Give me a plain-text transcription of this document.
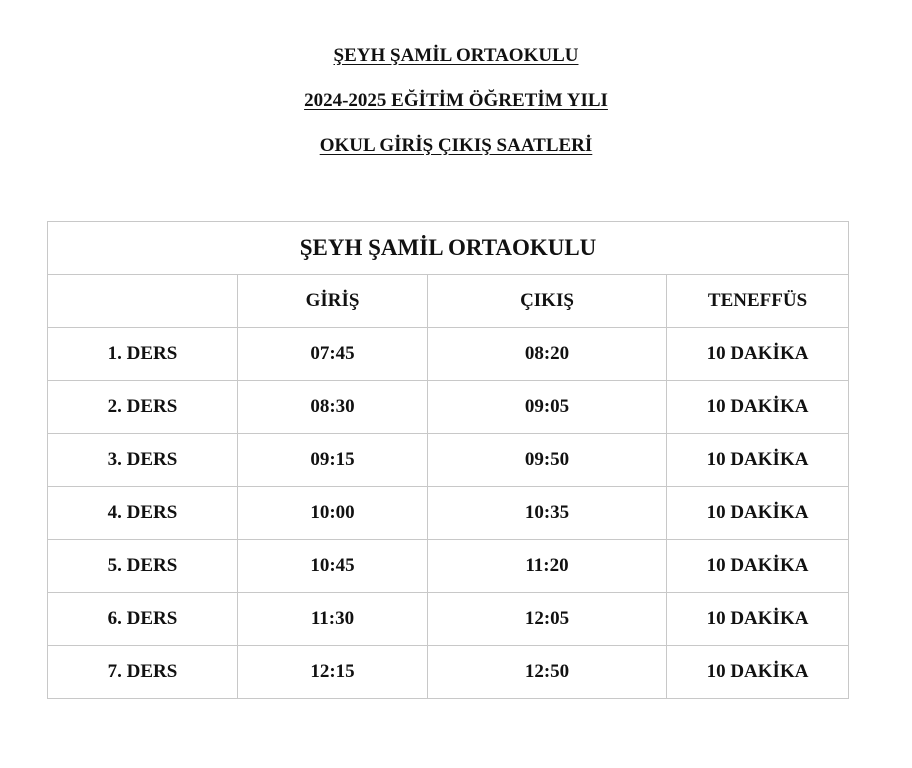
ŞEYH ŞAMİL ORTAOKULU
2024-2025 EĞİTİM ÖĞRETİM YILI
OKUL GİRİŞ ÇIKIŞ SAATLERİ
ŞEYH ŞAMİL ORTAOKULU			
	GİRİŞ	ÇIKIŞ	TENEFFÜS
1. DERS	07:45	08:20	10 DAKİKA
2. DERS	08:30	09:05	10 DAKİKA
3. DERS	09:15	09:50	10 DAKİKA
4. DERS	10:00	10:35	10 DAKİKA
5. DERS	10:45	11:20	10 DAKİKA
6. DERS	11:30	12:05	10 DAKİKA
7. DERS	12:15	12:50	10 DAKİKA
